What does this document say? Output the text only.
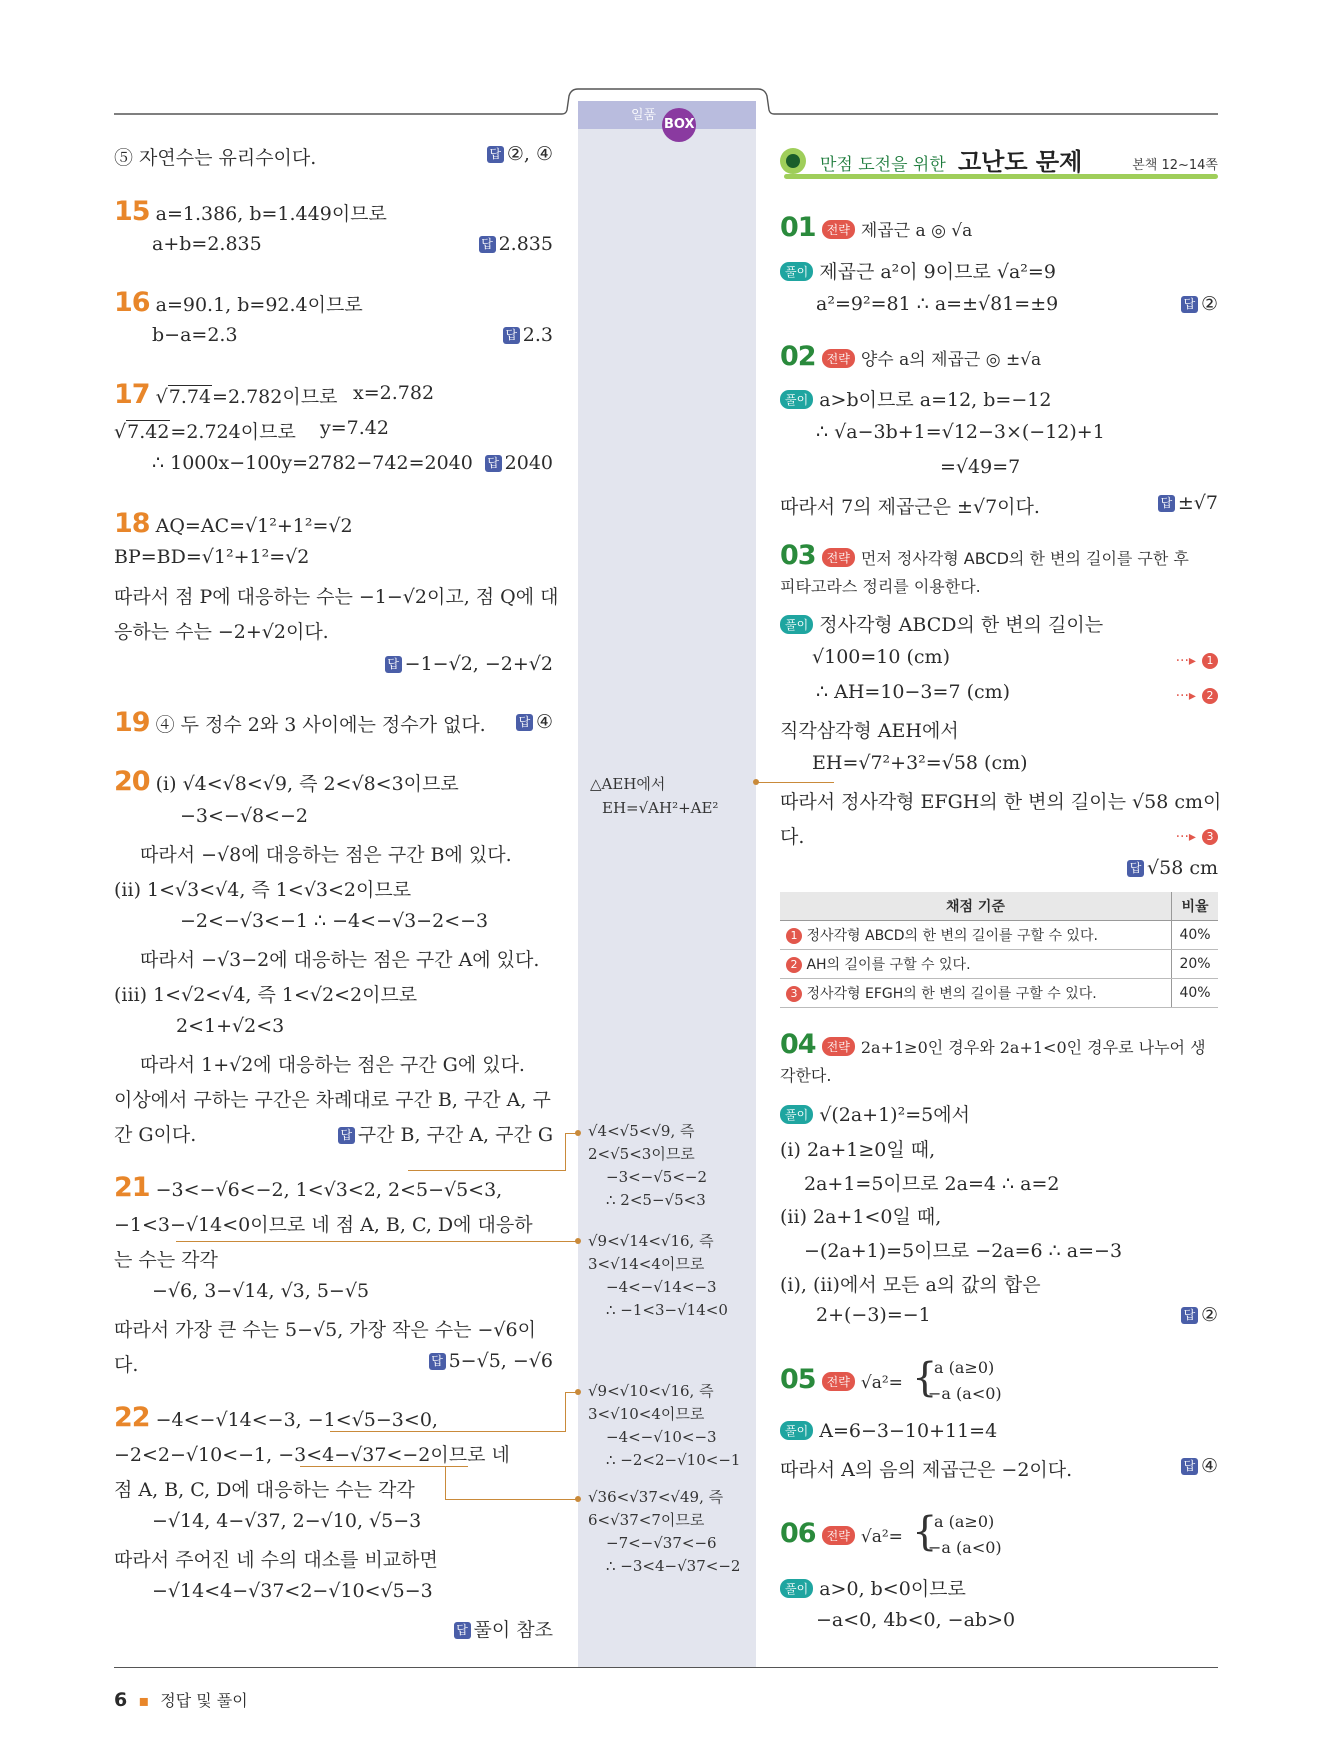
일품 BOX
6 ▪ 정답 및 풀이
⑤ 자연수는 유리수이다.	답 ②, ④
15 a=1.386, b=1.449이므로
a+b=2.835	답 2.835
16 a=90.1, b=92.4이므로
b−a=2.3	답 2.3
17 √7.74=2.782이므로 x=2.782
√7.42=2.724이므로 y=7.42
∴ 1000x−100y=2782−742=2040 답 2040
18 AQ=AC=√1²+1²=√2
BP=BD=√1²+1²=√2
따라서 점 P에 대응하는 수는 −1−√2이고, 점 Q에 대
응하는 수는 −2+√2이다.
답 −1−√2, −2+√2
19 ④ 두 정수 2와 3 사이에는 정수가 없다.	답 ④
20 (i) √4<√8<√9, 즉 2<√8<3이므로
−3<−√8<−2
따라서 −√8에 대응하는 점은 구간 B에 있다.
(ii) 1<√3<√4, 즉 1<√3<2이므로
−2<−√3<−1 ∴ −4<−√3−2<−3
따라서 −√3−2에 대응하는 점은 구간 A에 있다.
(iii) 1<√2<√4, 즉 1<√2<2이므로
2<1+√2<3
따라서 1+√2에 대응하는 점은 구간 G에 있다.
이상에서 구하는 구간은 차례대로 구간 B, 구간 A, 구
간 G이다.	답 구간 B, 구간 A, 구간 G
21 −3<−√6<−2, 1<√3<2, 2<5−√5<3,
−1<3−√14<0이므로 네 점 A, B, C, D에 대응하
는 수는 각각
−√6, 3−√14, √3, 5−√5
따라서 가장 큰 수는 5−√5, 가장 작은 수는 −√6이
다.	답 5−√5, −√6
22 −4<−√14<−3, −1<√5−3<0,
−2<2−√10<−1, −3<4−√37<−2이므로 네
점 A, B, C, D에 대응하는 수는 각각
−√14, 4−√37, 2−√10, √5−3
따라서 주어진 네 수의 대소를 비교하면
−√14<4−√37<2−√10<√5−3
답 풀이 참조
△AEH에서
EH=√AH²+AE²
√4<√5<√9, 즉
2<√5<3이므로
−3<−√5<−2
∴ 2<5−√5<3
√9<√14<√16, 즉
3<√14<4이므로
−4<−√14<−3
∴ −1<3−√14<0
√9<√10<√16, 즉
3<√10<4이므로
−4<−√10<−3
∴ −2<2−√10<−1
√36<√37<√49, 즉
6<√37<7이므로
−7<−√37<−6
∴ −3<4−√37<−2
만점 도전을 위한 고난도 문제	본책 12~14쪽
01 전략 제곱근 a ◎ √a
풀이 제곱근 a²이 9이므로 √a²=9
a²=9²=81 ∴ a=±√81=±9	답 ②
02 전략 양수 a의 제곱근 ◎ ±√a
풀이 a>b이므로 a=12, b=−12
∴ √a−3b+1=√12−3×(−12)+1
=√49=7
따라서 7의 제곱근은 ±√7이다.	답 ±√7
03 전략 먼저 정사각형 ABCD의 한 변의 길이를 구한 후
피타고라스 정리를 이용한다.
풀이 정사각형 ABCD의 한 변의 길이는
√100=10 (cm)	···▸ 1
∴ AH=10−3=7 (cm)	···▸ 2
직각삼각형 AEH에서
EH=√7²+3²=√58 (cm)
따라서 정사각형 EFGH의 한 변의 길이는 √58 cm이
다.	···▸ 3
답 √58 cm
채점 기준	비율
1 정사각형 ABCD의 한 변의 길이를 구할 수 있다.	40%
2 AH의 길이를 구할 수 있다.	20%
3 정사각형 EFGH의 한 변의 길이를 구할 수 있다.	40%
04 전략 2a+1≥0인 경우와 2a+1<0인 경우로 나누어 생
각한다.
풀이 √(2a+1)²=5에서
(i) 2a+1≥0일 때,
2a+1=5이므로 2a=4 ∴ a=2
(ii) 2a+1<0일 때,
−(2a+1)=5이므로 −2a=6 ∴ a=−3
(i), (ii)에서 모든 a의 값의 합은
2+(−3)=−1	답 ②
05 전략 √a²= {
a (a≥0)
−a (a<0)
풀이 A=6−3−10+11=4
따라서 A의 음의 제곱근은 −2이다.	답 ④
06 전략 √a²= {
a (a≥0)
−a (a<0)
풀이 a>0, b<0이므로
−a<0, 4b<0, −ab>0
